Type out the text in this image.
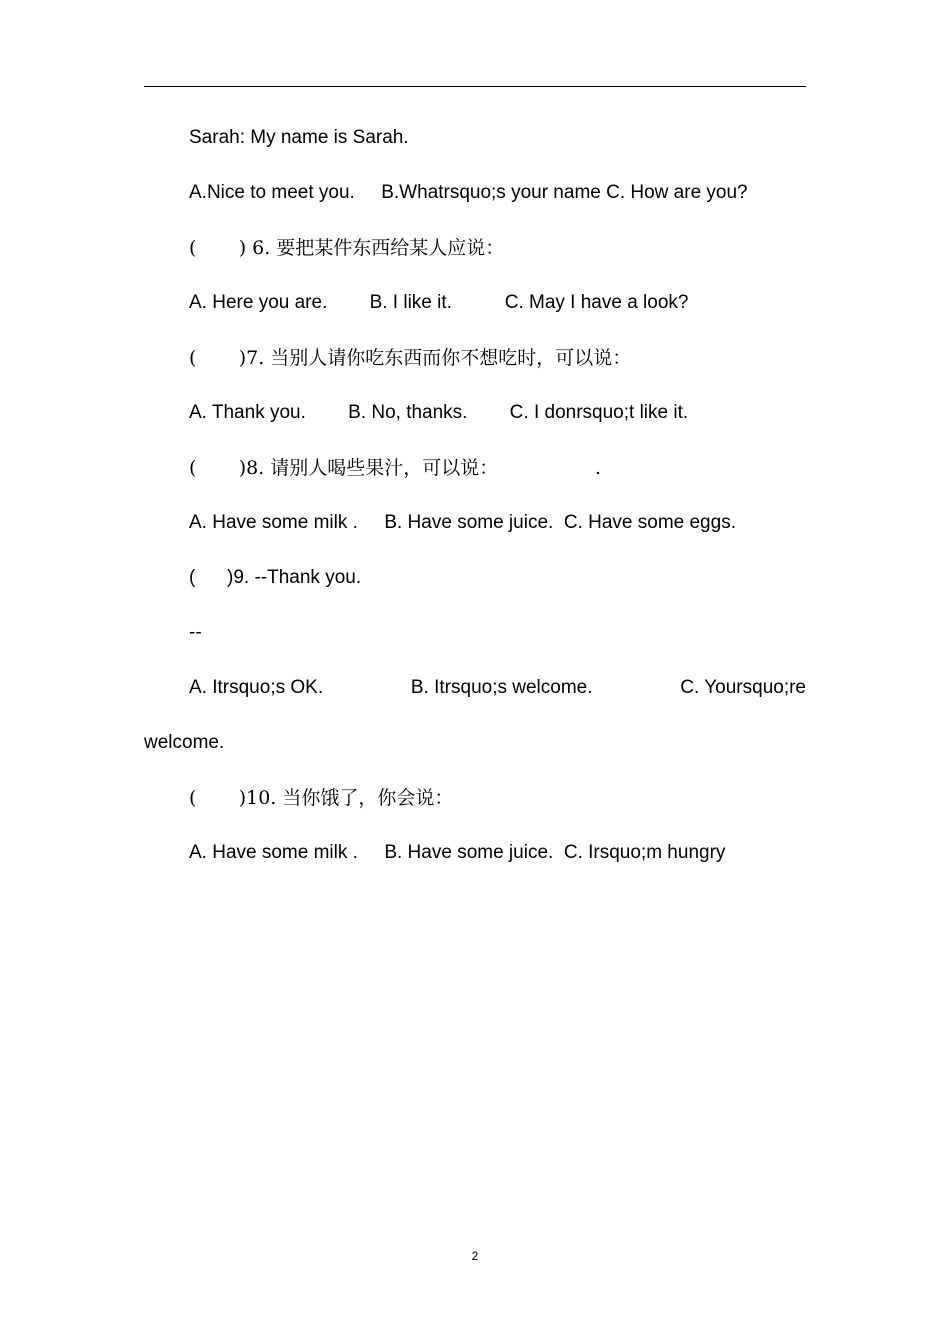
Sarah: My name is Sarah.
A.Nice to meet you.     B.Whatrsquo;s your name C. How are you?
(       ) 6. 要把某件东西给某人应说：
A. Here you are.        B. I like it.          C. May I have a look?
(       )7. 当别人请你吃东西而你不想吃时，可以说：
A. Thank you.        B. No, thanks.        C. I donrsquo;t like it.
(       )8. 请别人喝些果汁，可以说：                .
A. Have some milk .     B. Have some juice.  C. Have some eggs.
(      )9. --Thank you.
--
A. Itrsquo;s OK.	B. Itrsquo;s welcome.	C. Yoursquo;re
welcome.
(       )10. 当你饿了，你会说：
A. Have some milk .     B. Have some juice.  C. Irsquo;m hungry
2
